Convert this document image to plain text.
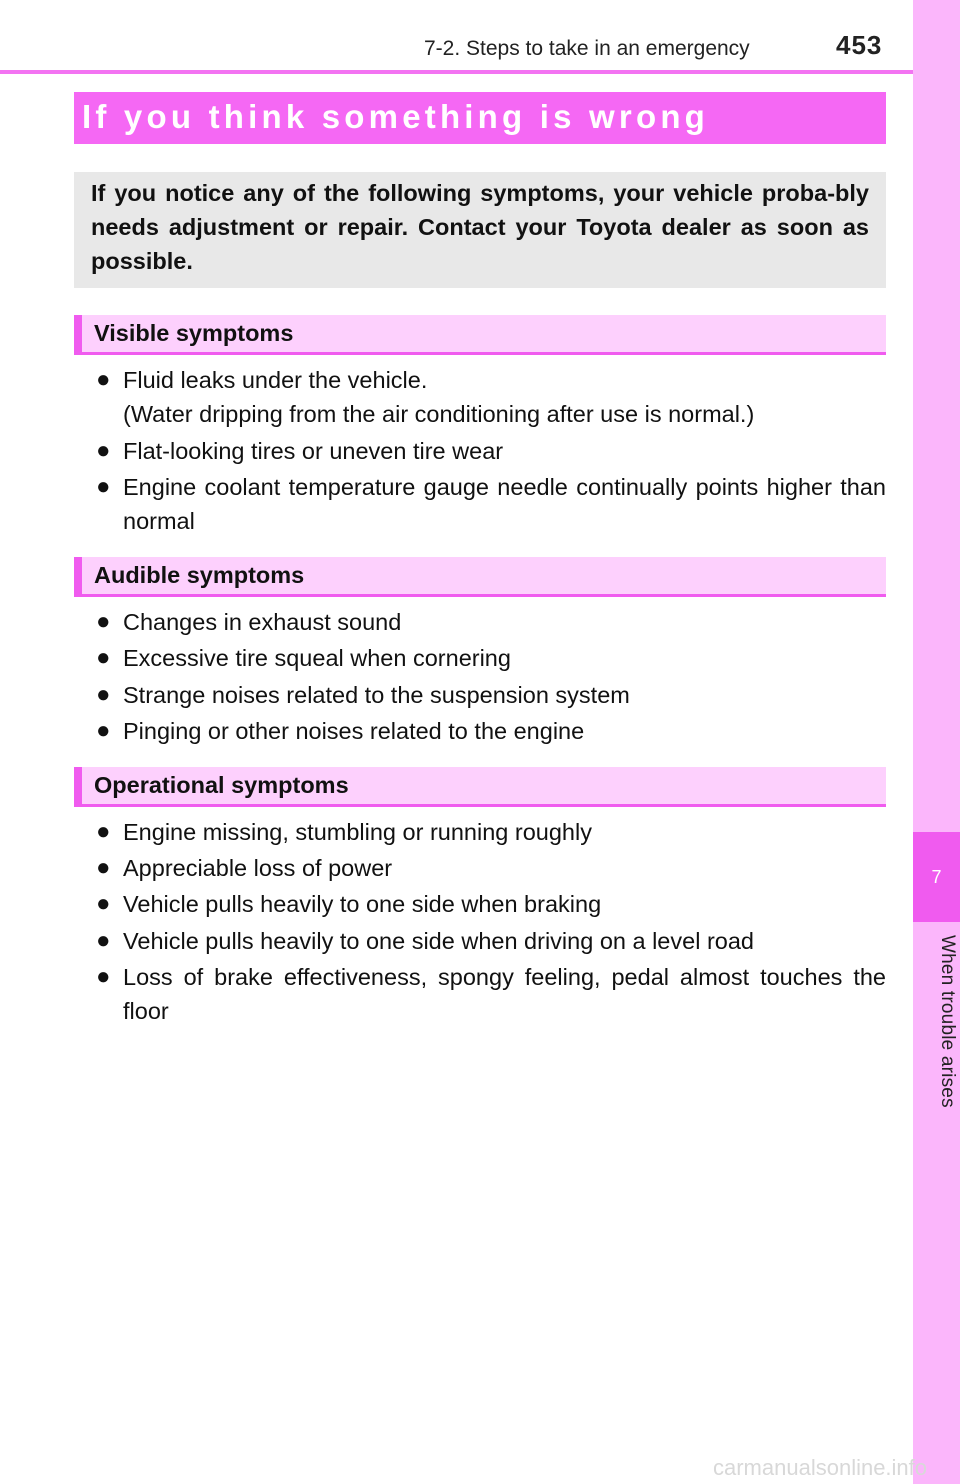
7
When trouble arises
7-2. Steps to take in an emergency	453
If you think something is wrong

If you notice any of the following symptoms, your vehicle proba-bly needs adjustment or repair. Contact your Toyota dealer as soon as possible.

Visible symptoms
● Fluid leaks under the vehicle.
(Water dripping from the air conditioning after use is normal.)
● Flat-looking tires or uneven tire wear
● Engine coolant temperature gauge needle continually points higher than normal
Audible symptoms
● Changes in exhaust sound
● Excessive tire squeal when cornering
● Strange noises related to the suspension system
● Pinging or other noises related to the engine
Operational symptoms
● Engine missing, stumbling or running roughly
● Appreciable loss of power
● Vehicle pulls heavily to one side when braking
● Vehicle pulls heavily to one side when driving on a level road
● Loss of brake effectiveness, spongy feeling, pedal almost touches the floor
carmanualsonline.info
